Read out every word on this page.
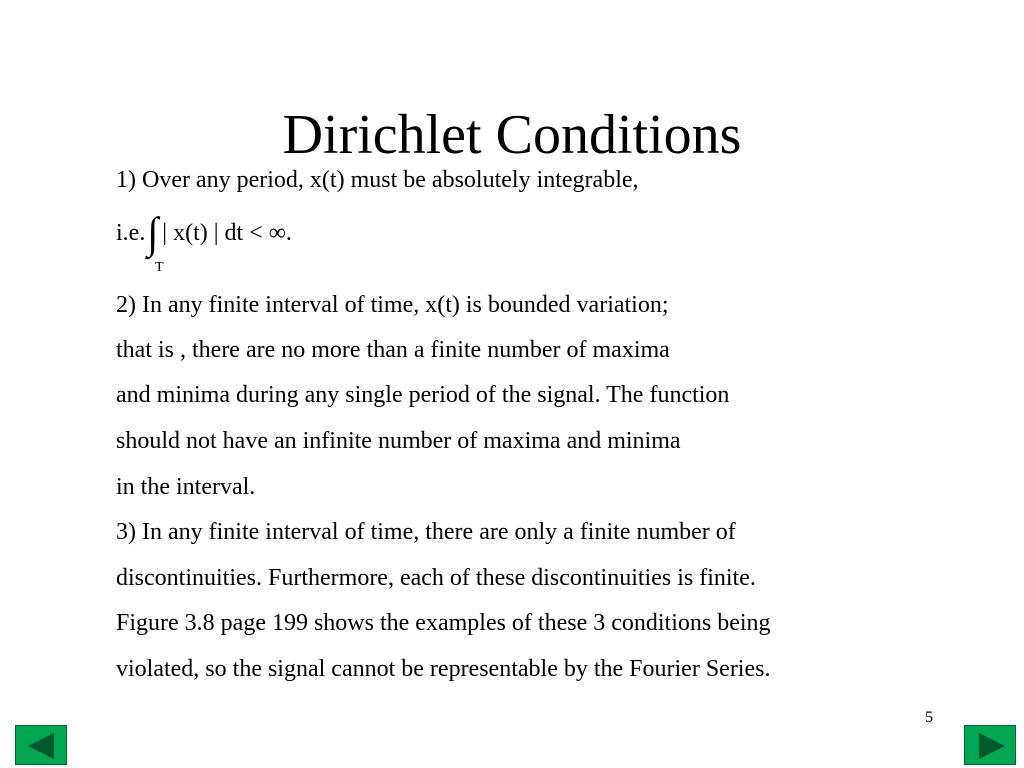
Dirichlet Conditions
1) Over any period, x(t) must be absolutely integrable,
i.e.∫ | x(t) | dt < ∞.
T
2) In any finite interval of time, x(t) is bounded variation;
that is , there are no more than a finite number of maxima
and minima during any single period of the signal. The function
should not have an infinite number of maxima and minima
in the interval.
3) In any finite interval of time, there are only a finite number of
discontinuities. Furthermore, each of these discontinuities is finite.
Figure 3.8 page 199 shows the examples of these 3 conditions being
violated, so the signal cannot be representable by the Fourier Series.
5
